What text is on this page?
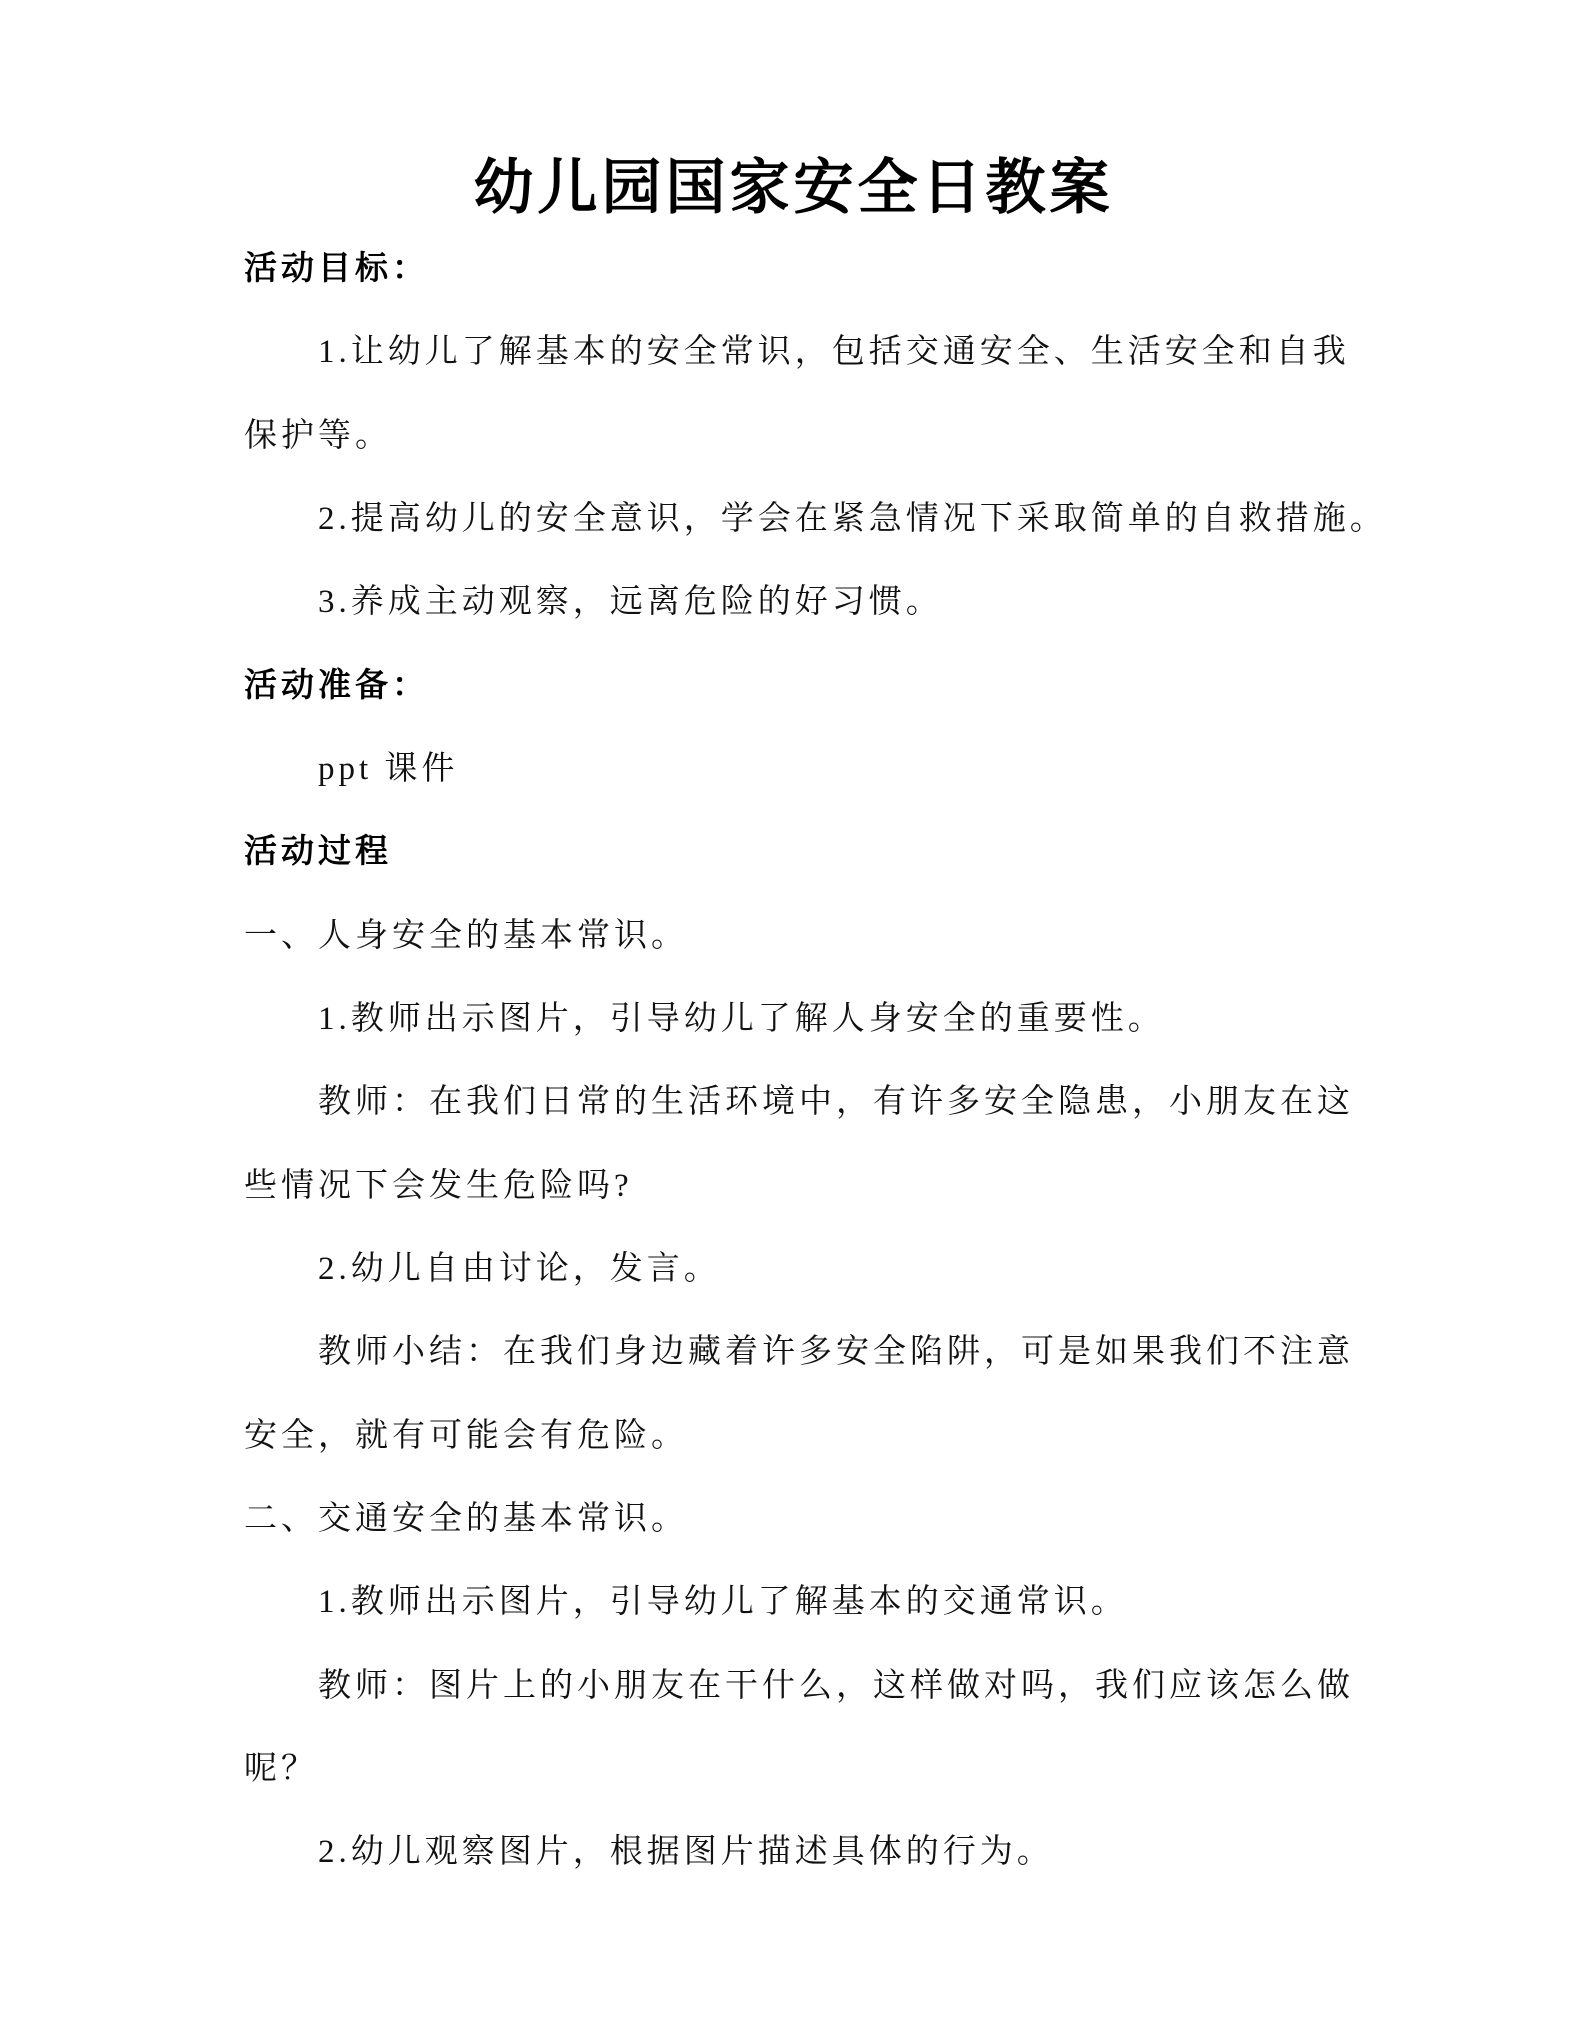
幼儿园国家安全日教案
活动目标：
1.让幼儿了解基本的安全常识，包括交通安全、生活安全和自我
保护等。
2.提高幼儿的安全意识，学会在紧急情况下采取简单的自救措施。
3.养成主动观察，远离危险的好习惯。
活动准备：
ppt 课件
活动过程
一、人身安全的基本常识。
1.教师出示图片，引导幼儿了解人身安全的重要性。
教师：在我们日常的生活环境中，有许多安全隐患，小朋友在这
些情况下会发生危险吗?
2.幼儿自由讨论，发言。
教师小结：在我们身边藏着许多安全陷阱，可是如果我们不注意
安全，就有可能会有危险。
二、交通安全的基本常识。
1.教师出示图片，引导幼儿了解基本的交通常识。
教师：图片上的小朋友在干什么，这样做对吗，我们应该怎么做
呢？
2.幼儿观察图片，根据图片描述具体的行为。
